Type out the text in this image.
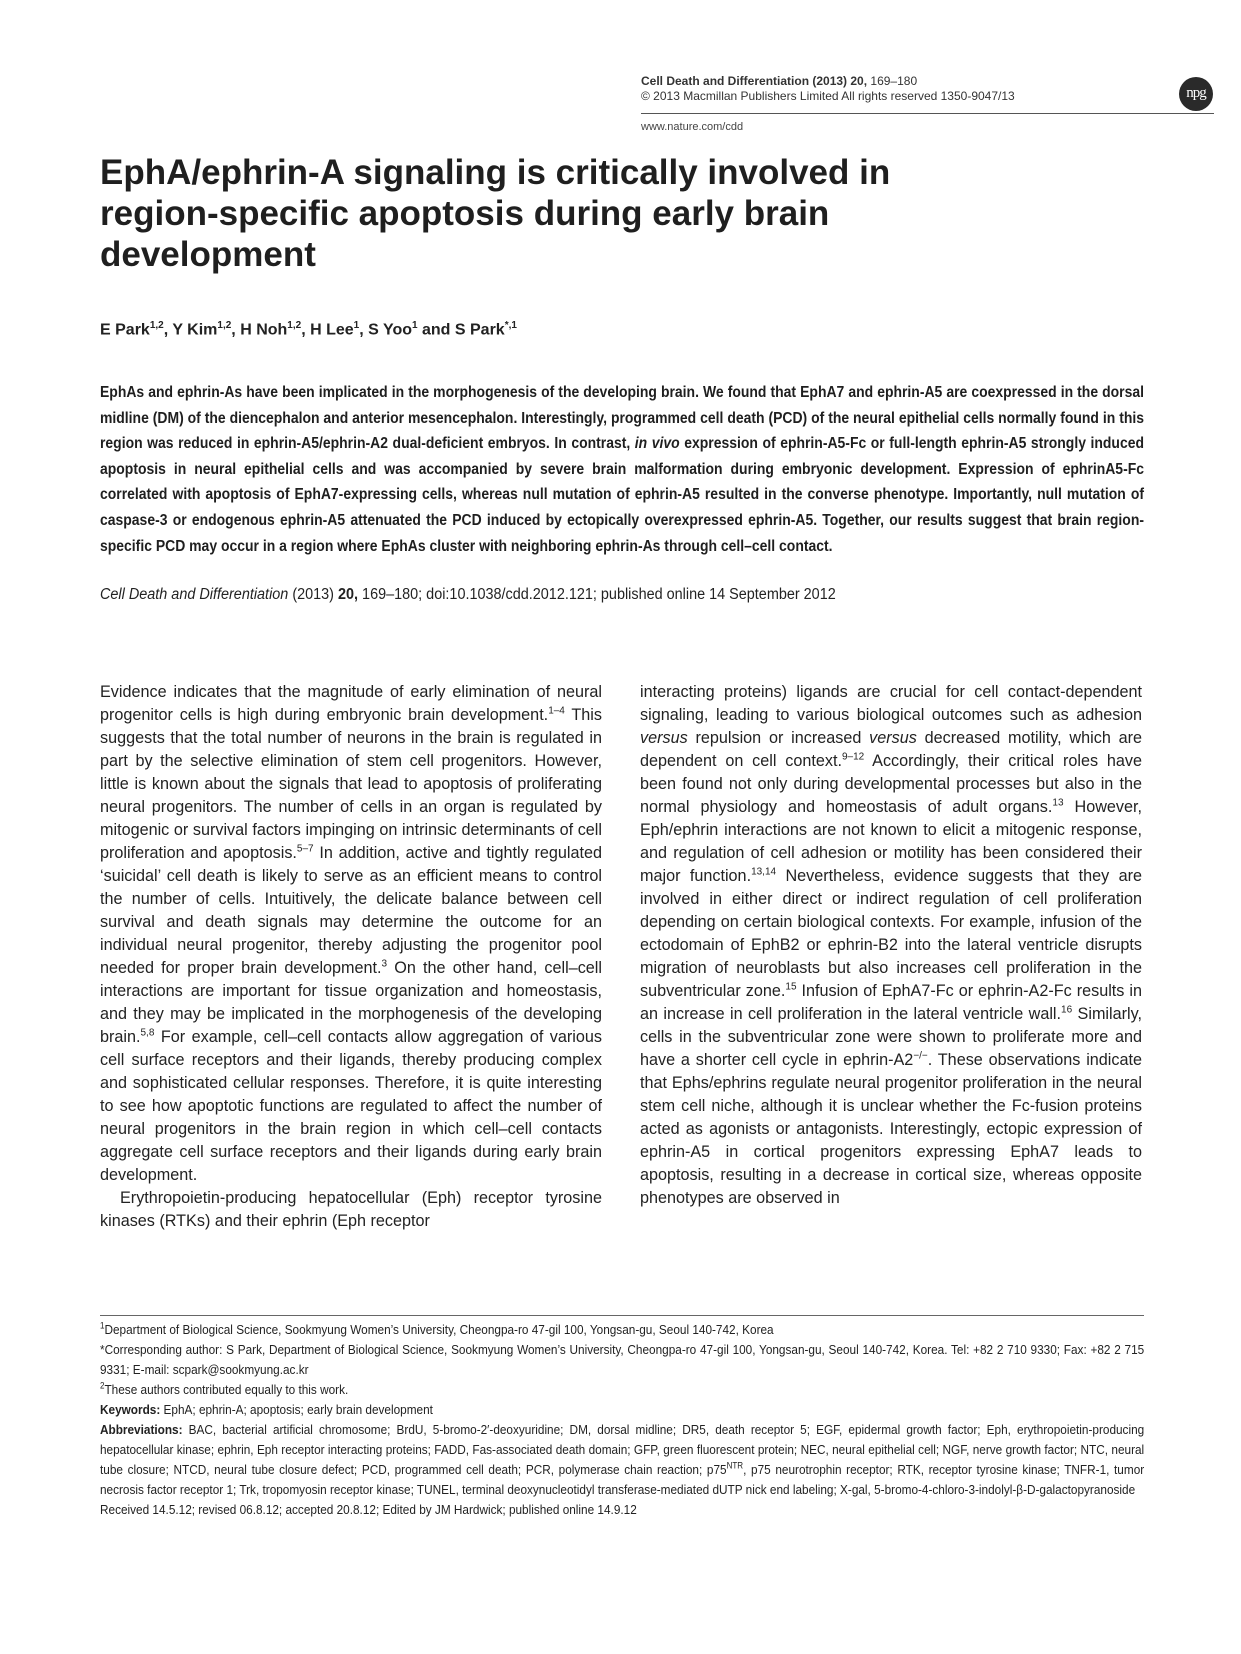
Cell Death and Differentiation (2013) 20, 169–180
© 2013 Macmillan Publishers Limited All rights reserved 1350-9047/13	npg
www.nature.com/cdd
EphA/ephrin-A signaling is critically involved in region-specific apoptosis during early brain development
E Park$^{1,2}$, Y Kim$^{1,2}$, H Noh$^{1,2}$, H Lee$^1$, S Yoo$^1$ and S Park$^{*,1}$
EphAs and ephrin-As have been implicated in the morphogenesis of the developing brain. We found that EphA7 and ephrin-A5 are coexpressed in the dorsal midline (DM) of the diencephalon and anterior mesencephalon. Interestingly, programmed cell death (PCD) of the neural epithelial cells normally found in this region was reduced in ephrin-A5/ephrin-A2 dual-deficient embryos. In contrast, in vivo expression of ephrin-A5-Fc or full-length ephrin-A5 strongly induced apoptosis in neural epithelial cells and was accompanied by severe brain malformation during embryonic development. Expression of ephrinA5-Fc correlated with apoptosis of EphA7-expressing cells, whereas null mutation of ephrin-A5 resulted in the converse phenotype. Importantly, null mutation of caspase-3 or endogenous ephrin-A5 attenuated the PCD induced by ectopically overexpressed ephrin-A5. Together, our results suggest that brain region-specific PCD may occur in a region where EphAs cluster with neighboring ephrin-As through cell–cell contact.
Cell Death and Differentiation (2013) 20, 169–180; doi:10.1038/cdd.2012.121; published online 14 September 2012

Evidence indicates that the magnitude of early elimination of neural progenitor cells is high during embryonic brain development.$^{1-4}$ This suggests that the total number of neurons in the brain is regulated in part by the selective elimination of stem cell progenitors. However, little is known about the signals that lead to apoptosis of proliferating neural progenitors. The number of cells in an organ is regulated by mitogenic or survival factors impinging on intrinsic determinants of cell proliferation and apoptosis.$^{5-7}$ In addition, active and tightly regulated ‘suicidal’ cell death is likely to serve as an efficient means to control the number of cells. Intuitively, the delicate balance between cell survival and death signals may determine the outcome for an individual neural progenitor, thereby adjusting the progenitor pool needed for proper brain development.$^3$ On the other hand, cell–cell interactions are important for tissue organization and homeostasis, and they may be implicated in the morphogenesis of the developing brain.$^{5,8}$ For example, cell–cell contacts allow aggregation of various cell surface receptors and their ligands, thereby producing complex and sophisticated cellular responses. Therefore, it is quite interesting to see how apoptotic functions are regulated to affect the number of neural progenitors in the brain region in which cell–cell contacts aggregate cell surface receptors and their ligands during early brain development.

Erythropoietin-producing hepatocellular (Eph) receptor tyrosine kinases (RTKs) and their ephrin (Eph receptor

interacting proteins) ligands are crucial for cell contact-dependent signaling, leading to various biological outcomes such as adhesion versus repulsion or increased versus decreased motility, which are dependent on cell context.$^{9-12}$ Accordingly, their critical roles have been found not only during developmental processes but also in the normal physiology and homeostasis of adult organs.$^{13}$ However, Eph/ephrin interactions are not known to elicit a mitogenic response, and regulation of cell adhesion or motility has been considered their major function.$^{13,14}$ Nevertheless, evidence suggests that they are involved in either direct or indirect regulation of cell proliferation depending on certain biological contexts. For example, infusion of the ectodomain of EphB2 or ephrin-B2 into the lateral ventricle disrupts migration of neuroblasts but also increases cell proliferation in the subventricular zone.$^{15}$ Infusion of EphA7-Fc or ephrin-A2-Fc results in an increase in cell proliferation in the lateral ventricle wall.$^{16}$ Similarly, cells in the subventricular zone were shown to proliferate more and have a shorter cell cycle in ephrin-A2−/−. These observations indicate that Ephs/ephrins regulate neural progenitor proliferation in the neural stem cell niche, although it is unclear whether the Fc-fusion proteins acted as agonists or antagonists. Interestingly, ectopic expression of ephrin-A5 in cortical progenitors expressing EphA7 leads to apoptosis, resulting in a decrease in cortical size, whereas opposite phenotypes are observed in

$^1$Department of Biological Science, Sookmyung Women’s University, Cheongpa-ro 47-gil 100, Yongsan-gu, Seoul 140-742, Korea

*Corresponding author: S Park, Department of Biological Science, Sookmyung Women’s University, Cheongpa-ro 47-gil 100, Yongsan-gu, Seoul 140-742, Korea. Tel: +82 2 710 9330; Fax: +82 2 715 9331; E-mail: scpark@sookmyung.ac.kr

$^2$These authors contributed equally to this work.

Keywords: EphA; ephrin-A; apoptosis; early brain development

Abbreviations: BAC, bacterial artificial chromosome; BrdU, 5-bromo-2′-deoxyuridine; DM, dorsal midline; DR5, death receptor 5; EGF, epidermal growth factor; Eph, erythropoietin-producing hepatocellular kinase; ephrin, Eph receptor interacting proteins; FADD, Fas-associated death domain; GFP, green fluorescent protein; NEC, neural epithelial cell; NGF, nerve growth factor; NTC, neural tube closure; NTCD, neural tube closure defect; PCD, programmed cell death; PCR, polymerase chain reaction; $p75^{NTR}$, p75 neurotrophin receptor; RTK, receptor tyrosine kinase; TNFR-1, tumor necrosis factor receptor 1; Trk, tropomyosin receptor kinase; TUNEL, terminal deoxynucleotidyl transferase-mediated dUTP nick end labeling; X-gal, 5-bromo-4-chloro-3-indolyl-β-D-galactopyranoside

Received 14.5.12; revised 06.8.12; accepted 20.8.12; Edited by JM Hardwick; published online 14.9.12
